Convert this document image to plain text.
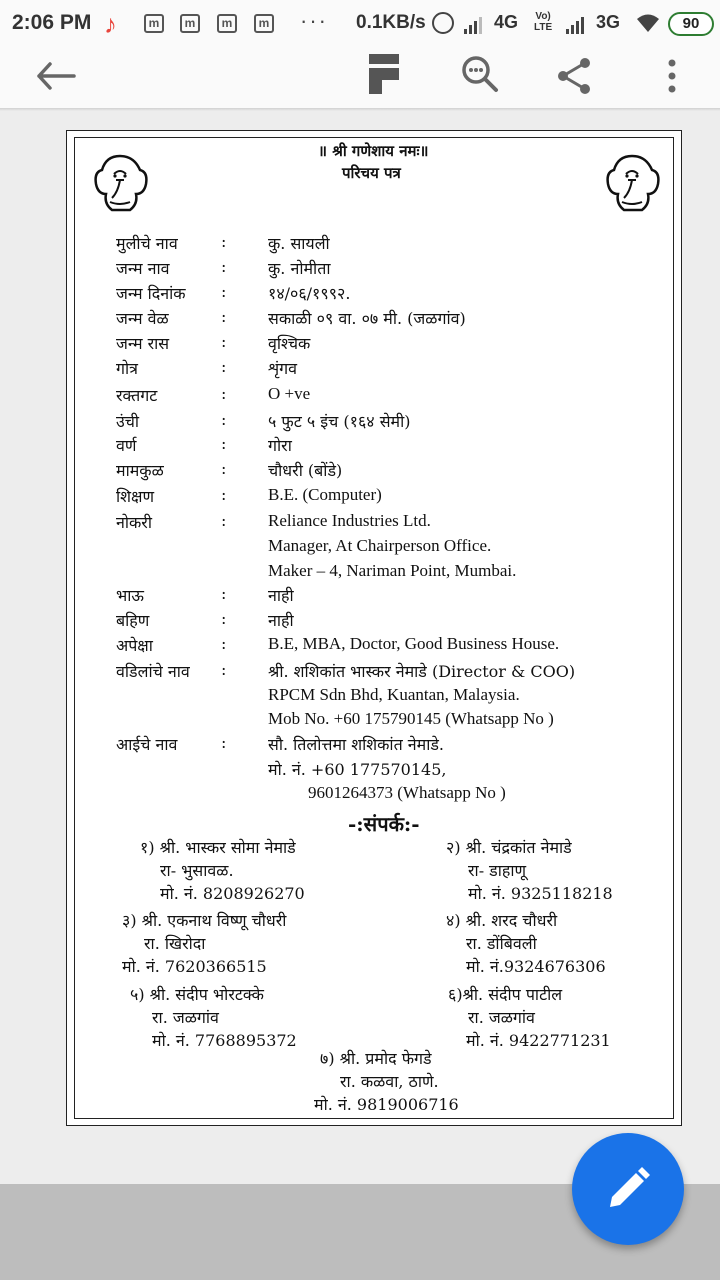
2:06 PM ♪	m	m	m	m ··· 0.1KB/s	4G Vo)
LTE 3G	90
॥ श्री गणेशाय नमः॥
परिचय पत्र
मुलीचे नाव	:	कु. सायली
जन्म नाव	:	कु. नोमीता
जन्म दिनांक :	१४/०६/१९९२.
जन्म वेळ	:	सकाळी ०९ वा. ०७ मी. (जळगांव)
जन्म रास	:	वृश्चिक
गोत्र	:	शृंगव
रक्तगट	: O +ve
उंची	:	५ फुट ५ इंच (१६४ सेमी)
वर्ण	:	गोरा
मामकुळ	:	चौधरी (बोंडे)
शिक्षण	: B.E. (Computer)
नोकरी	: Reliance Industries Ltd.
Manager, At Chairperson Office.
Maker – 4, Nariman Point, Mumbai.
भाऊ	:	नाही
बहिण	:	नाही
अपेक्षा	: B.E, MBA, Doctor, Good Business House.
वडिलांचे नाव :	श्री. शशिकांत भास्कर नेमाडे (Director & COO)
RPCM Sdn Bhd, Kuantan, Malaysia.
Mob No. +60 175790145 (Whatsapp No )
आईचे नाव	:	सौ. तिलोत्तमा शशिकांत नेमाडे.
मो. नं. +60 177570145,
9601264373 (Whatsapp No )
-:संपर्क:-
१) श्री. भास्कर सोमा नेमाडे
रा- भुसावळ.
मो. नं. 8208926270
२) श्री. चंद्रकांत नेमाडे
रा- डाहाणू
मो. नं. 9325118218
३) श्री. एकनाथ विष्णू चौधरी
रा. खिरोदा
मो. नं. 7620366515
४) श्री. शरद चौधरी
रा. डोंबिवली
मो. नं.9324676306
५) श्री. संदीप भोरटक्के
रा. जळगांव
मो. नं. 7768895372
६)श्री. संदीप पाटील
रा. जळगांव
मो. नं. 9422771231
७) श्री. प्रमोद फेगडे
रा. कळवा, ठाणे.
मो. नं. 9819006716
